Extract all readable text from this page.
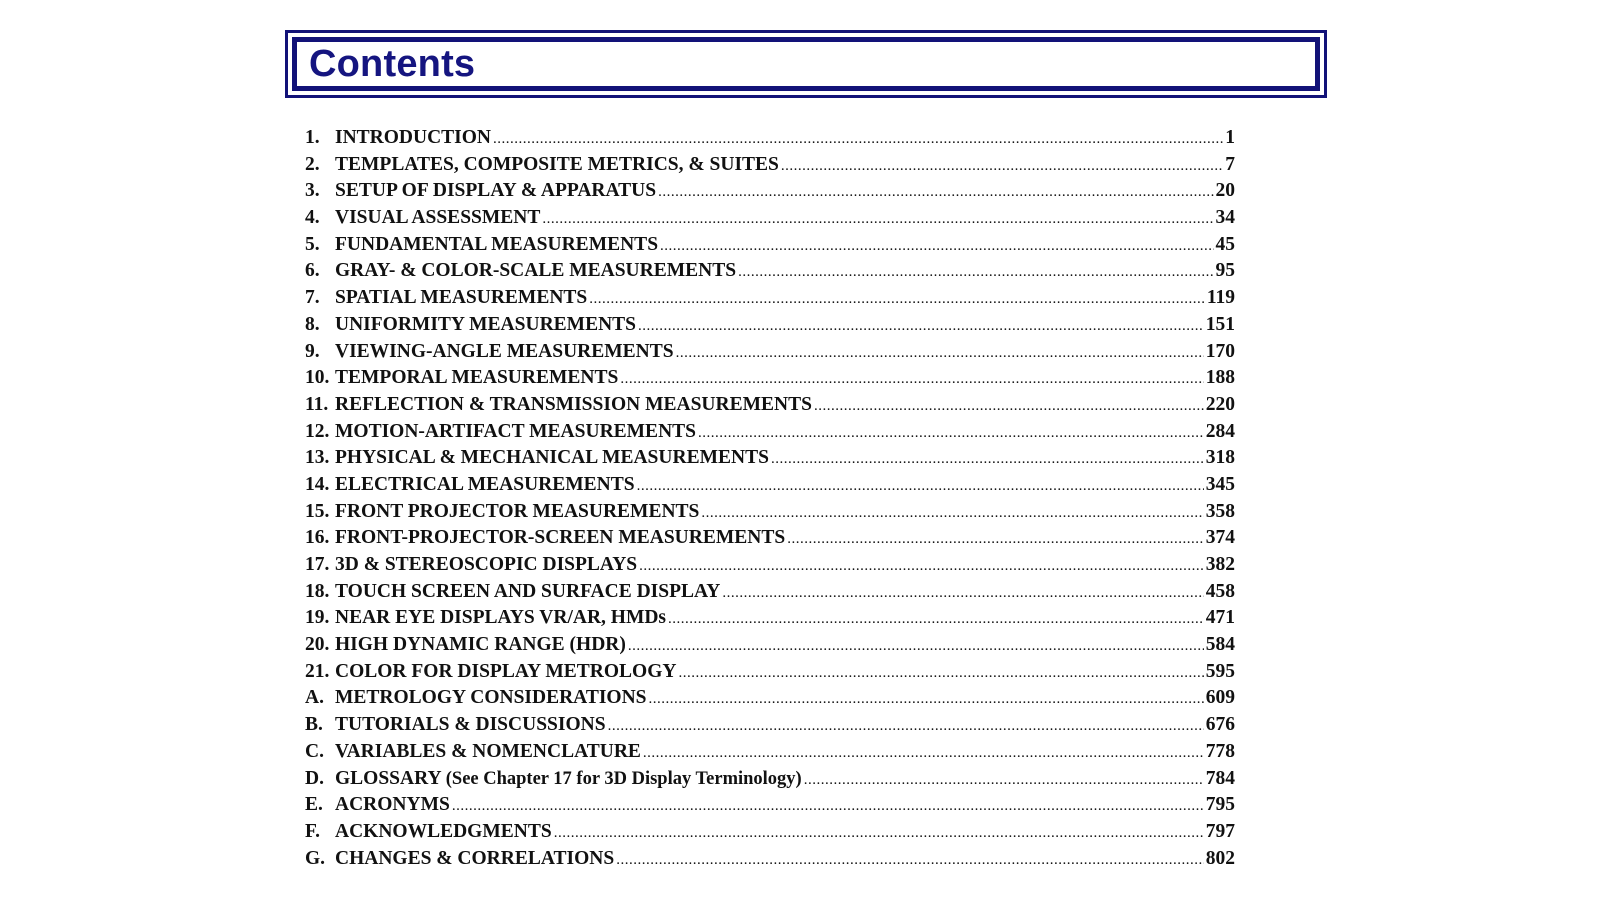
Contents
1. INTRODUCTION .....	1
2. TEMPLATES, COMPOSITE METRICS, & SUITES .....	7
3. SETUP OF DISPLAY & APPARATUS .....	20
4. VISUAL ASSESSMENT .....	34
5. FUNDAMENTAL MEASUREMENTS .....	45
6. GRAY- & COLOR-SCALE MEASUREMENTS .....	95
7. SPATIAL MEASUREMENTS .....	119
8. UNIFORMITY MEASUREMENTS .....	151
9. VIEWING-ANGLE MEASUREMENTS .....	170
10. TEMPORAL MEASUREMENTS .....	188
11. REFLECTION & TRANSMISSION MEASUREMENTS .....	220
12. MOTION-ARTIFACT MEASUREMENTS .....	284
13. PHYSICAL & MECHANICAL MEASUREMENTS .....	318
14. ELECTRICAL MEASUREMENTS .....	345
15. FRONT PROJECTOR MEASUREMENTS .....	358
16. FRONT-PROJECTOR-SCREEN MEASUREMENTS .....	374
17. 3D & STEREOSCOPIC DISPLAYS .....	382
18. TOUCH SCREEN AND SURFACE DISPLAY .....	458
19. NEAR EYE DISPLAYS VR/AR, HMDs .....	471
20. HIGH DYNAMIC RANGE (HDR) .....	584
21. COLOR FOR DISPLAY METROLOGY .....	595
A. METROLOGY CONSIDERATIONS .....	609
B. TUTORIALS & DISCUSSIONS .....	676
C. VARIABLES & NOMENCLATURE .....	778
D. GLOSSARY (See Chapter 17 for 3D Display Terminology) .....	784
E. ACRONYMS .....	795
F. ACKNOWLEDGMENTS .....	797
G. CHANGES & CORRELATIONS .....	802
